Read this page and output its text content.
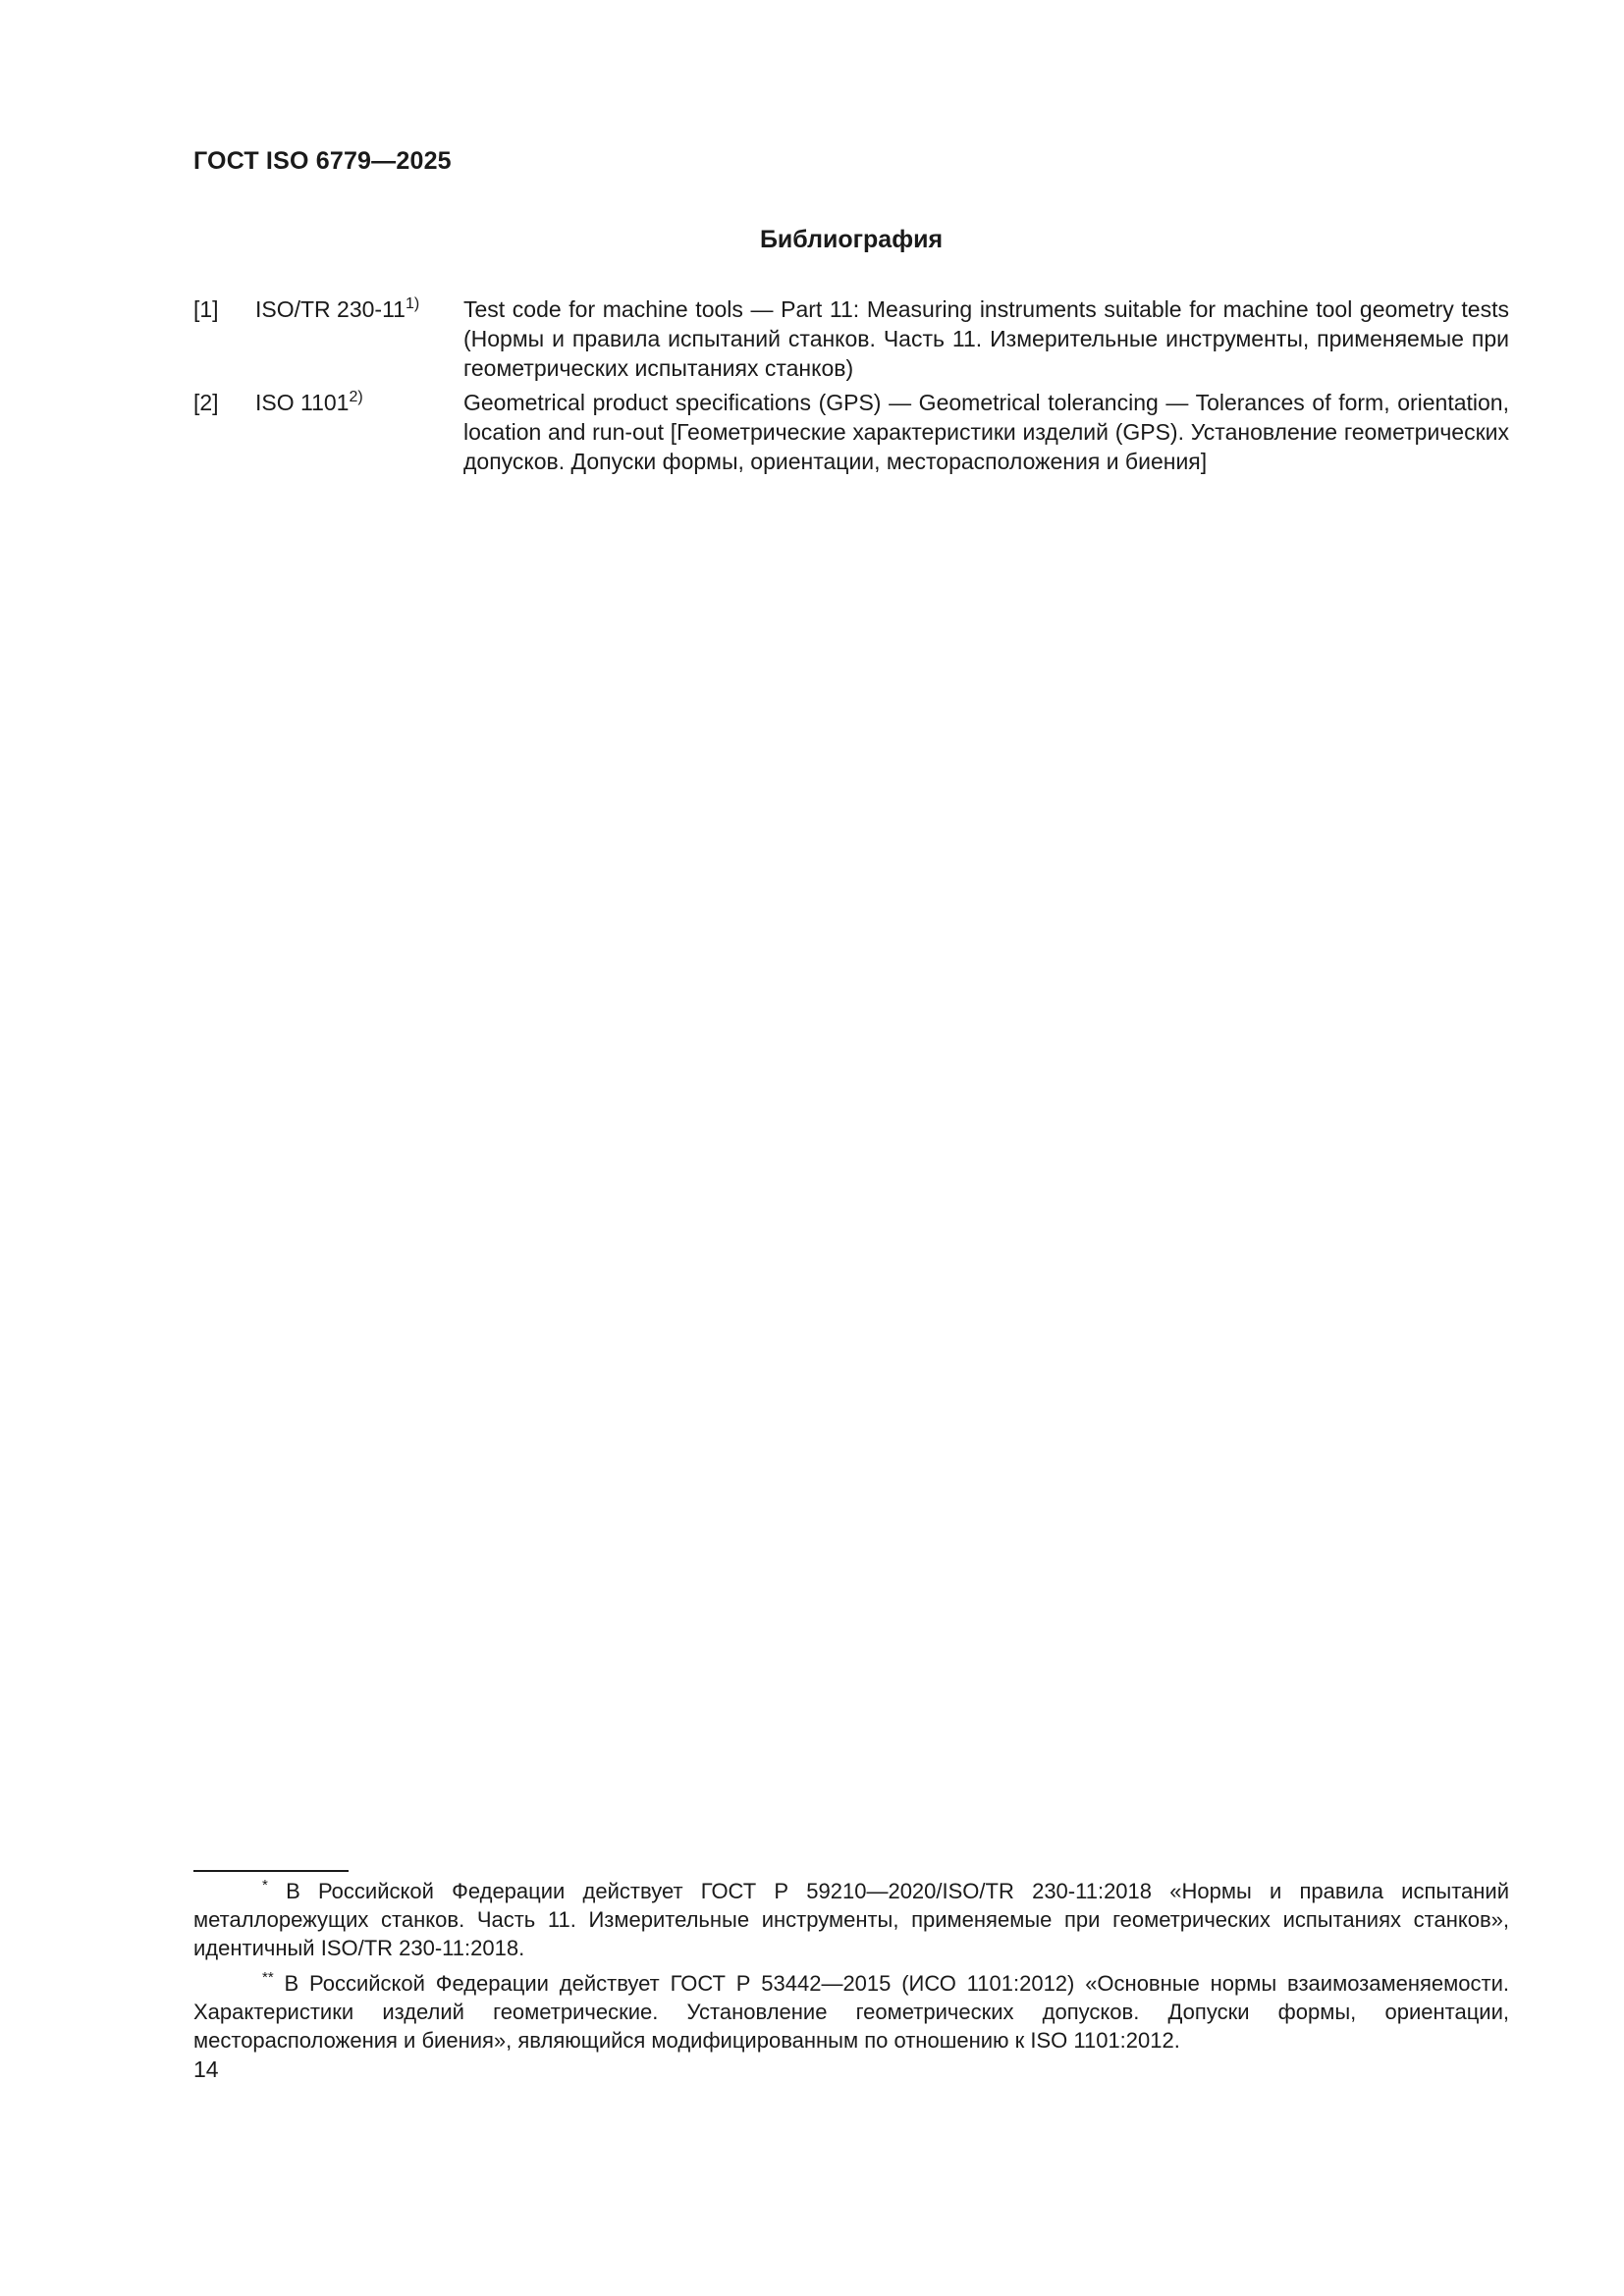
ГОСТ ISO 6779—2025
Библиография
[1]	ISO/TR 230-11$^{1)}$	Test code for machine tools — Part 11: Measuring instruments suitable for machine tool geometry tests (Нормы и правила испытаний станков. Часть 11. Измерительные инструменты, применяемые при геометрических испытаниях станков)
[2]	ISO 1101$^{2)}$	Geometrical product specifications (GPS) — Geometrical tolerancing — Tolerances of form, orientation, location and run-out [Геометрические характеристики изделий (GPS). Установление геометрических допусков. Допуски формы, ориентации, месторасположения и биения]
* В Российской Федерации действует ГОСТ Р 59210—2020/ISO/TR 230-11:2018 «Нормы и правила испытаний металлорежущих станков. Часть 11. Измерительные инструменты, применяемые при геометрических испытаниях станков», идентичный ISO/TR 230-11:2018.
** В Российской Федерации действует ГОСТ Р 53442—2015 (ИСО 1101:2012) «Основные нормы взаимозаменяемости. Характеристики изделий геометрические. Установление геометрических допусков. Допуски формы, ориентации, месторасположения и биения», являющийся модифицированным по отношению к ISO 1101:2012.
14
